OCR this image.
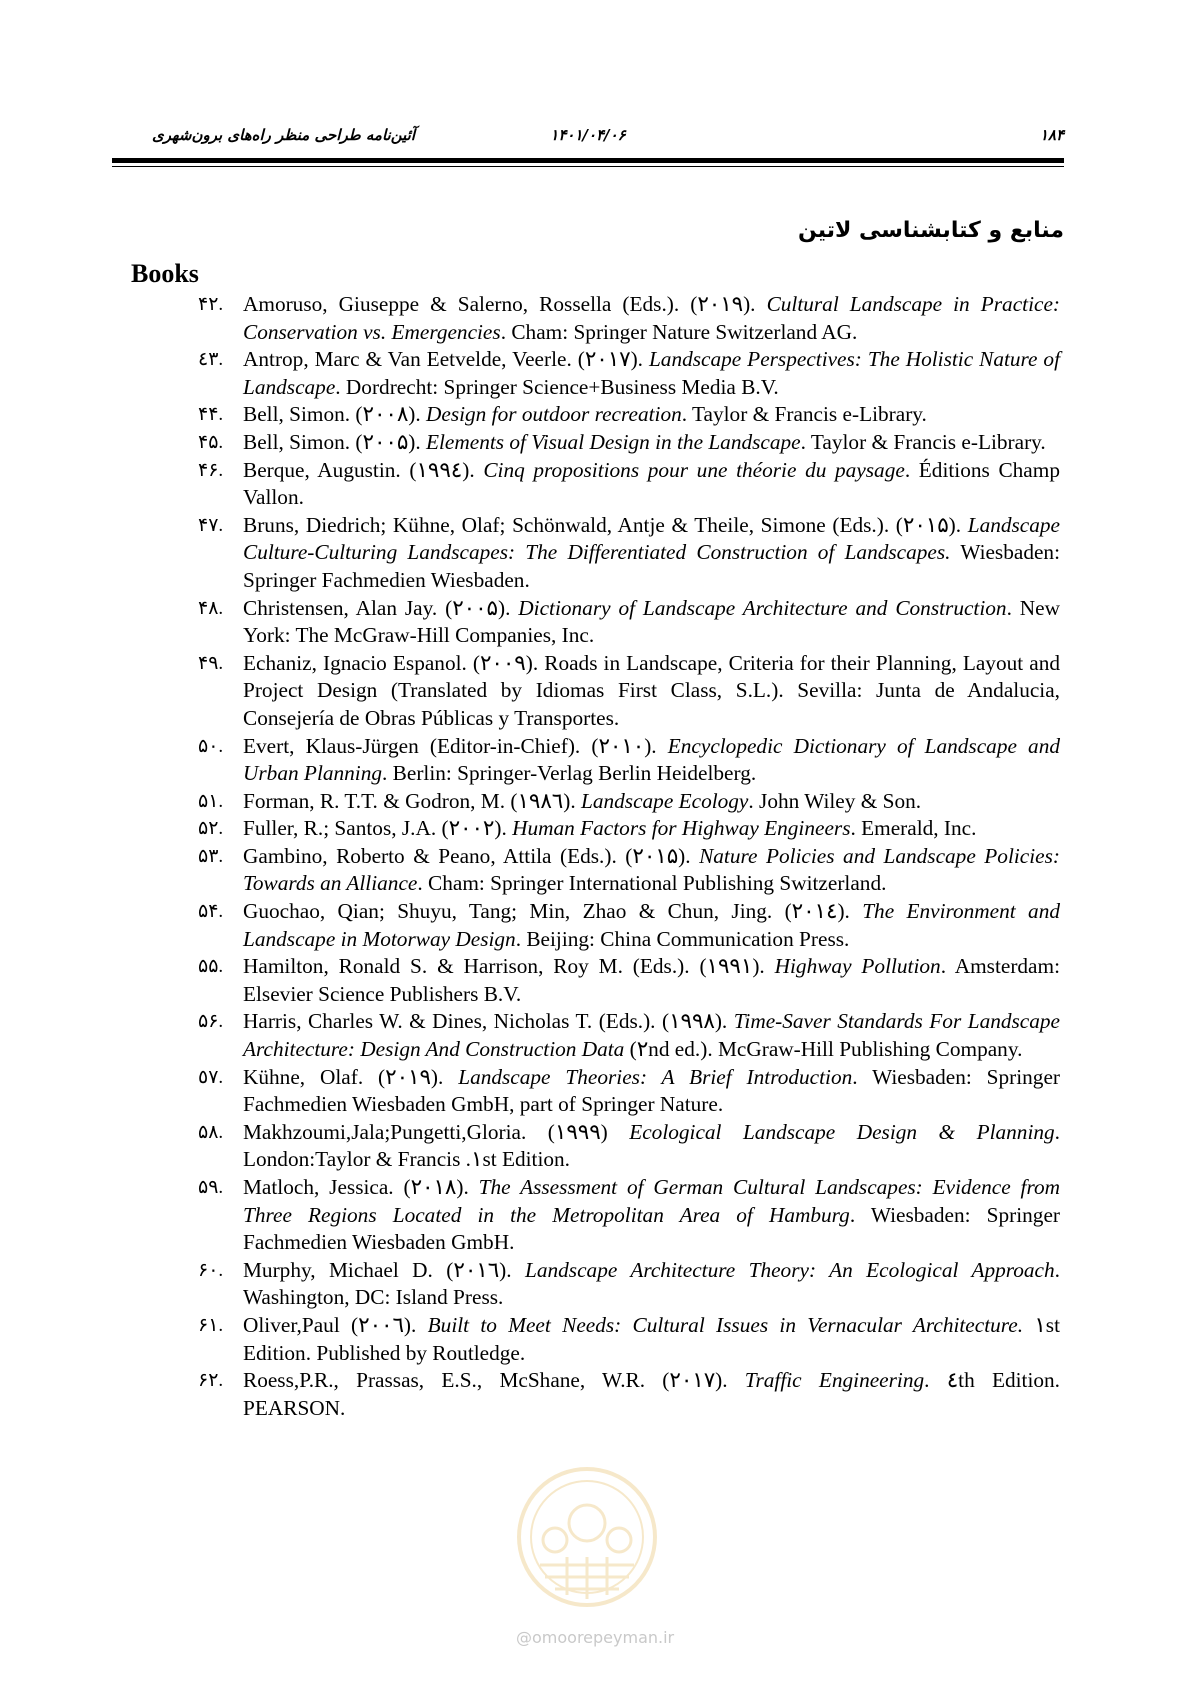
۱۸۴
۱۴۰۱/۰۴/۰۶
آئین‌نامه طراحی منظر راه‌های برون‌شهری
منابع و کتابشناسی لاتین
Books
۴۲. Amoruso, Giuseppe & Salerno, Rossella (Eds.). (۲۰۱۹). Cultural Landscape in Practice: Conservation vs. Emergencies. Cham: Springer Nature Switzerland AG.
٤٣. Antrop, Marc & Van Eetvelde, Veerle. (۲۰۱۷). Landscape Perspectives: The Holistic Nature of Landscape. Dordrecht: Springer Science+Business Media B.V.
۴۴. Bell, Simon. (۲۰۰۸). Design for outdoor recreation. Taylor & Francis e-Library.
۴۵. Bell, Simon. (۲۰۰۵). Elements of Visual Design in the Landscape. Taylor & Francis e-Library.
۴۶. Berque, Augustin. (۱۹۹٤). Cinq propositions pour une théorie du paysage. Éditions Champ Vallon.
۴۷. Bruns, Diedrich; Kühne, Olaf; Schönwald, Antje & Theile, Simone (Eds.). (۲۰۱۵). Landscape Culture-Culturing Landscapes: The Differentiated Construction of Landscapes. Wiesbaden: Springer Fachmedien Wiesbaden.
۴۸. Christensen, Alan Jay. (۲۰۰۵). Dictionary of Landscape Architecture and Construction. New York: The McGraw-Hill Companies, Inc.
۴۹. Echaniz, Ignacio Espanol. (۲۰۰۹). Roads in Landscape, Criteria for their Planning, Layout and Project Design (Translated by Idiomas First Class, S.L.). Sevilla: Junta de Andalucia, Consejería de Obras Públicas y Transportes.
۵۰. Evert, Klaus-Jürgen (Editor-in-Chief). (۲۰۱۰). Encyclopedic Dictionary of Landscape and Urban Planning. Berlin: Springer-Verlag Berlin Heidelberg.
۵۱. Forman, R. T.T. & Godron, M. (۱۹۸٦). Landscape Ecology. John Wiley & Son.
۵۲. Fuller, R.; Santos, J.A. (۲۰۰۲). Human Factors for Highway Engineers. Emerald, Inc.
۵۳. Gambino, Roberto & Peano, Attila (Eds.). (۲۰۱۵). Nature Policies and Landscape Policies: Towards an Alliance. Cham: Springer International Publishing Switzerland.
۵۴. Guochao, Qian; Shuyu, Tang; Min, Zhao & Chun, Jing. (۲۰۱٤). The Environment and Landscape in Motorway Design. Beijing: China Communication Press.
۵۵. Hamilton, Ronald S. & Harrison, Roy M. (Eds.). (۱۹۹۱). Highway Pollution. Amsterdam: Elsevier Science Publishers B.V.
۵۶. Harris, Charles W. & Dines, Nicholas T. (Eds.). (۱۹۹۸). Time-Saver Standards For Landscape Architecture: Design And Construction Data (۲nd ed.). McGraw-Hill Publishing Company.
٥٧. Kühne, Olaf. (۲۰۱۹). Landscape Theories: A Brief Introduction. Wiesbaden: Springer Fachmedien Wiesbaden GmbH, part of Springer Nature.
۵۸. Makhzoumi,Jala;Pungetti,Gloria. (۱۹۹۹) Ecological Landscape Design & Planning. London:Taylor & Francis .۱st Edition.
۵۹. Matloch, Jessica. (۲۰۱۸). The Assessment of German Cultural Landscapes: Evidence from Three Regions Located in the Metropolitan Area of Hamburg. Wiesbaden: Springer Fachmedien Wiesbaden GmbH.
۶۰. Murphy, Michael D. (۲۰۱٦). Landscape Architecture Theory: An Ecological Approach. Washington, DC: Island Press.
۶۱. Oliver,Paul (۲۰۰٦). Built to Meet Needs: Cultural Issues in Vernacular Architecture. ۱st Edition. Published by Routledge.
۶۲. Roess,P.R., Prassas, E.S., McShane, W.R. (۲۰۱۷). Traffic Engineering. ٤th Edition. PEARSON.
@omoorepeyman.ir
